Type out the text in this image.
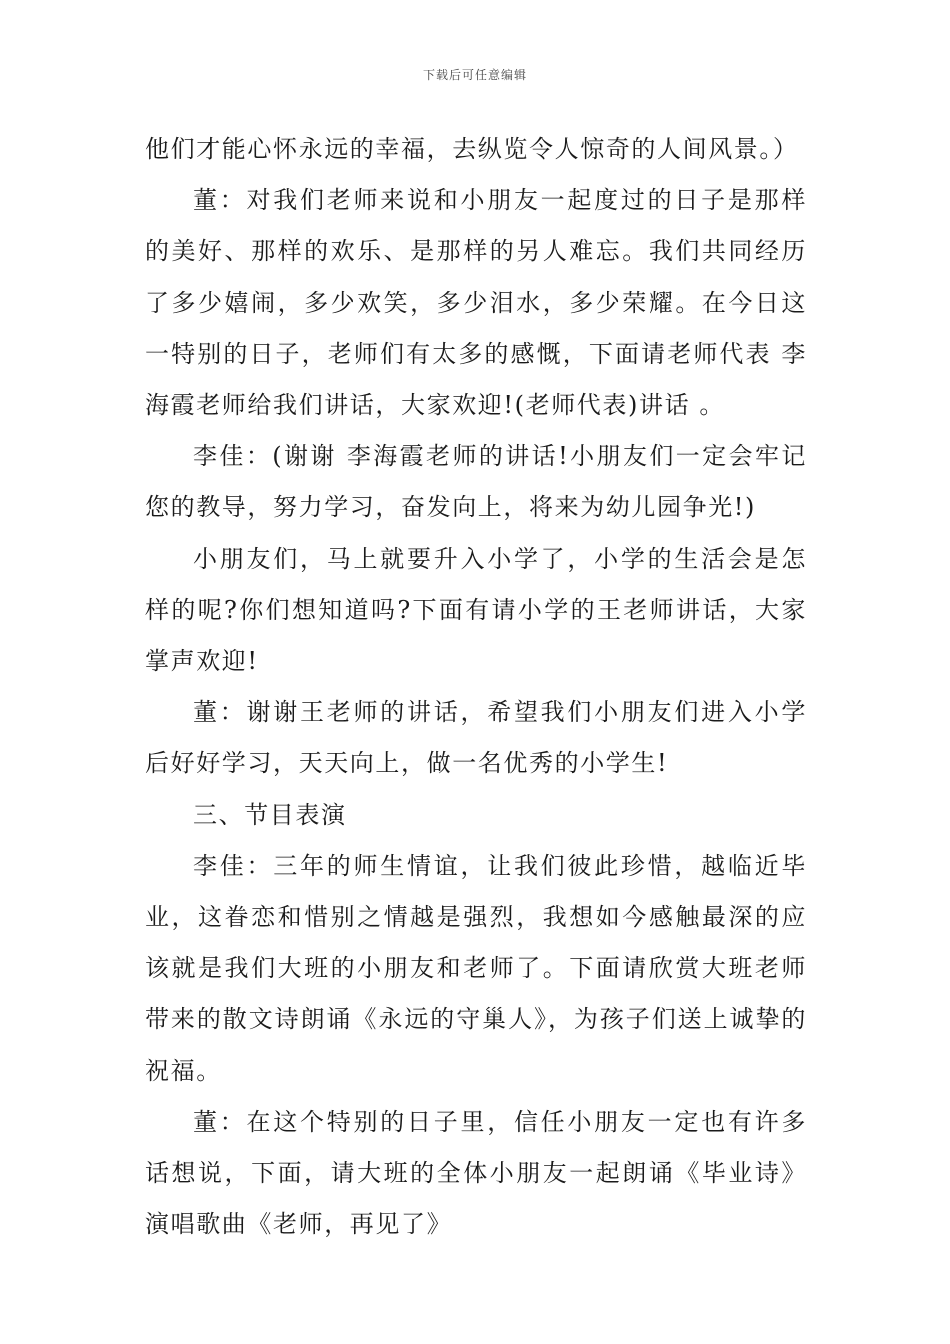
下载后可任意编辑

他们才能心怀永远的幸福，去纵览令人惊奇的人间风景。）

董：对我们老师来说和小朋友一起度过的日子是那样的美好、那样的欢乐、是那样的另人难忘。我们共同经历了多少嬉闹，多少欢笑，多少泪水，多少荣耀。在今日这一特别的日子，老师们有太多的感慨，下面请老师代表 李海霞老师给我们讲话，大家欢迎!(老师代表)讲话 。

李佳：(谢谢 李海霞老师的讲话!小朋友们一定会牢记您的教导，努力学习，奋发向上，将来为幼儿园争光!)

小朋友们，马上就要升入小学了，小学的生活会是怎样的呢?你们想知道吗?下面有请小学的王老师讲话，大家掌声欢迎!

董：谢谢王老师的讲话，希望我们小朋友们进入小学后好好学习，天天向上，做一名优秀的小学生!

三、节目表演

李佳：三年的师生情谊，让我们彼此珍惜，越临近毕业，这眷恋和惜别之情越是强烈，我想如今感触最深的应该就是我们大班的小朋友和老师了。下面请欣赏大班老师带来的散文诗朗诵《永远的守巢人》，为孩子们送上诚挚的祝福。

董：在这个特别的日子里，信任小朋友一定也有许多话想说，下面，请大班的全体小朋友一起朗诵《毕业诗》演唱歌曲《老师，再见了》
